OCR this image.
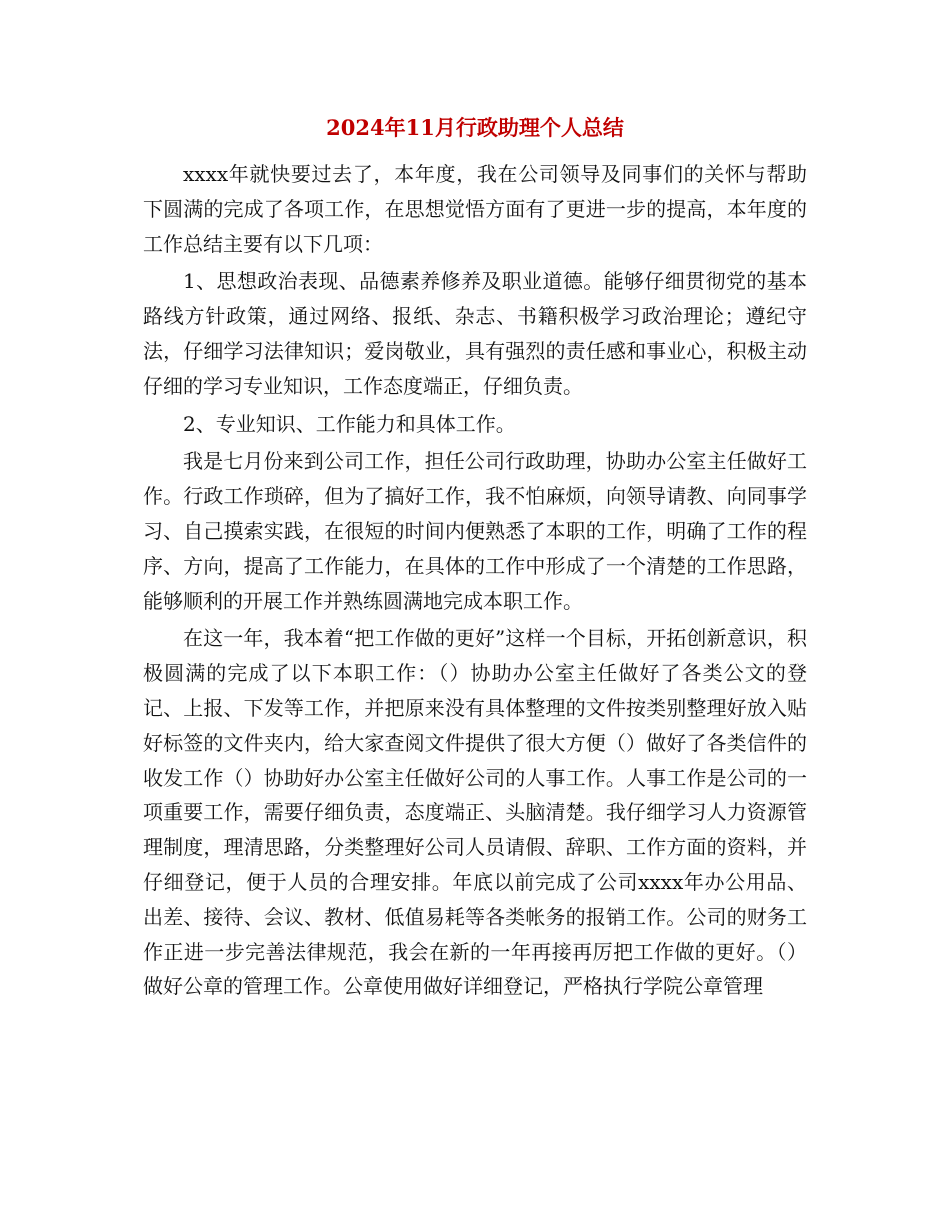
2024年11月行政助理个人总结

xxxx年就快要过去了，本年度，我在公司领导及同事们的关怀与帮助下圆满的完成了各项工作，在思想觉悟方面有了更进一步的提高，本年度的工作总结主要有以下几项：

1、思想政治表现、品德素养修养及职业道德。能够仔细贯彻党的基本路线方针政策，通过网络、报纸、杂志、书籍积极学习政治理论；遵纪守法，仔细学习法律知识；爱岗敬业，具有强烈的责任感和事业心，积极主动仔细的学习专业知识，工作态度端正，仔细负责。

2、专业知识、工作能力和具体工作。

我是七月份来到公司工作，担任公司行政助理，协助办公室主任做好工作。行政工作琐碎，但为了搞好工作，我不怕麻烦，向领导请教、向同事学习、自己摸索实践，在很短的时间内便熟悉了本职的工作，明确了工作的程序、方向，提高了工作能力，在具体的工作中形成了一个清楚的工作思路，能够顺利的开展工作并熟练圆满地完成本职工作。

在这一年，我本着“把工作做的更好”这样一个目标，开拓创新意识，积极圆满的完成了以下本职工作：（）协助办公室主任做好了各类公文的登记、上报、下发等工作，并把原来没有具体整理的文件按类别整理好放入贴好标签的文件夹内，给大家查阅文件提供了很大方便（）做好了各类信件的收发工作（）协助好办公室主任做好公司的人事工作。人事工作是公司的一项重要工作，需要仔细负责，态度端正、头脑清楚。我仔细学习人力资源管理制度，理清思路，分类整理好公司人员请假、辞职、工作方面的资料，并仔细登记，便于人员的合理安排。年底以前完成了公司xxxx年办公用品、出差、接待、会议、教材、低值易耗等各类帐务的报销工作。公司的财务工作正进一步完善法律规范，我会在新的一年再接再厉把工作做的更好。（）做好公章的管理工作。公章使用做好详细登记，严格执行学院公章管理
